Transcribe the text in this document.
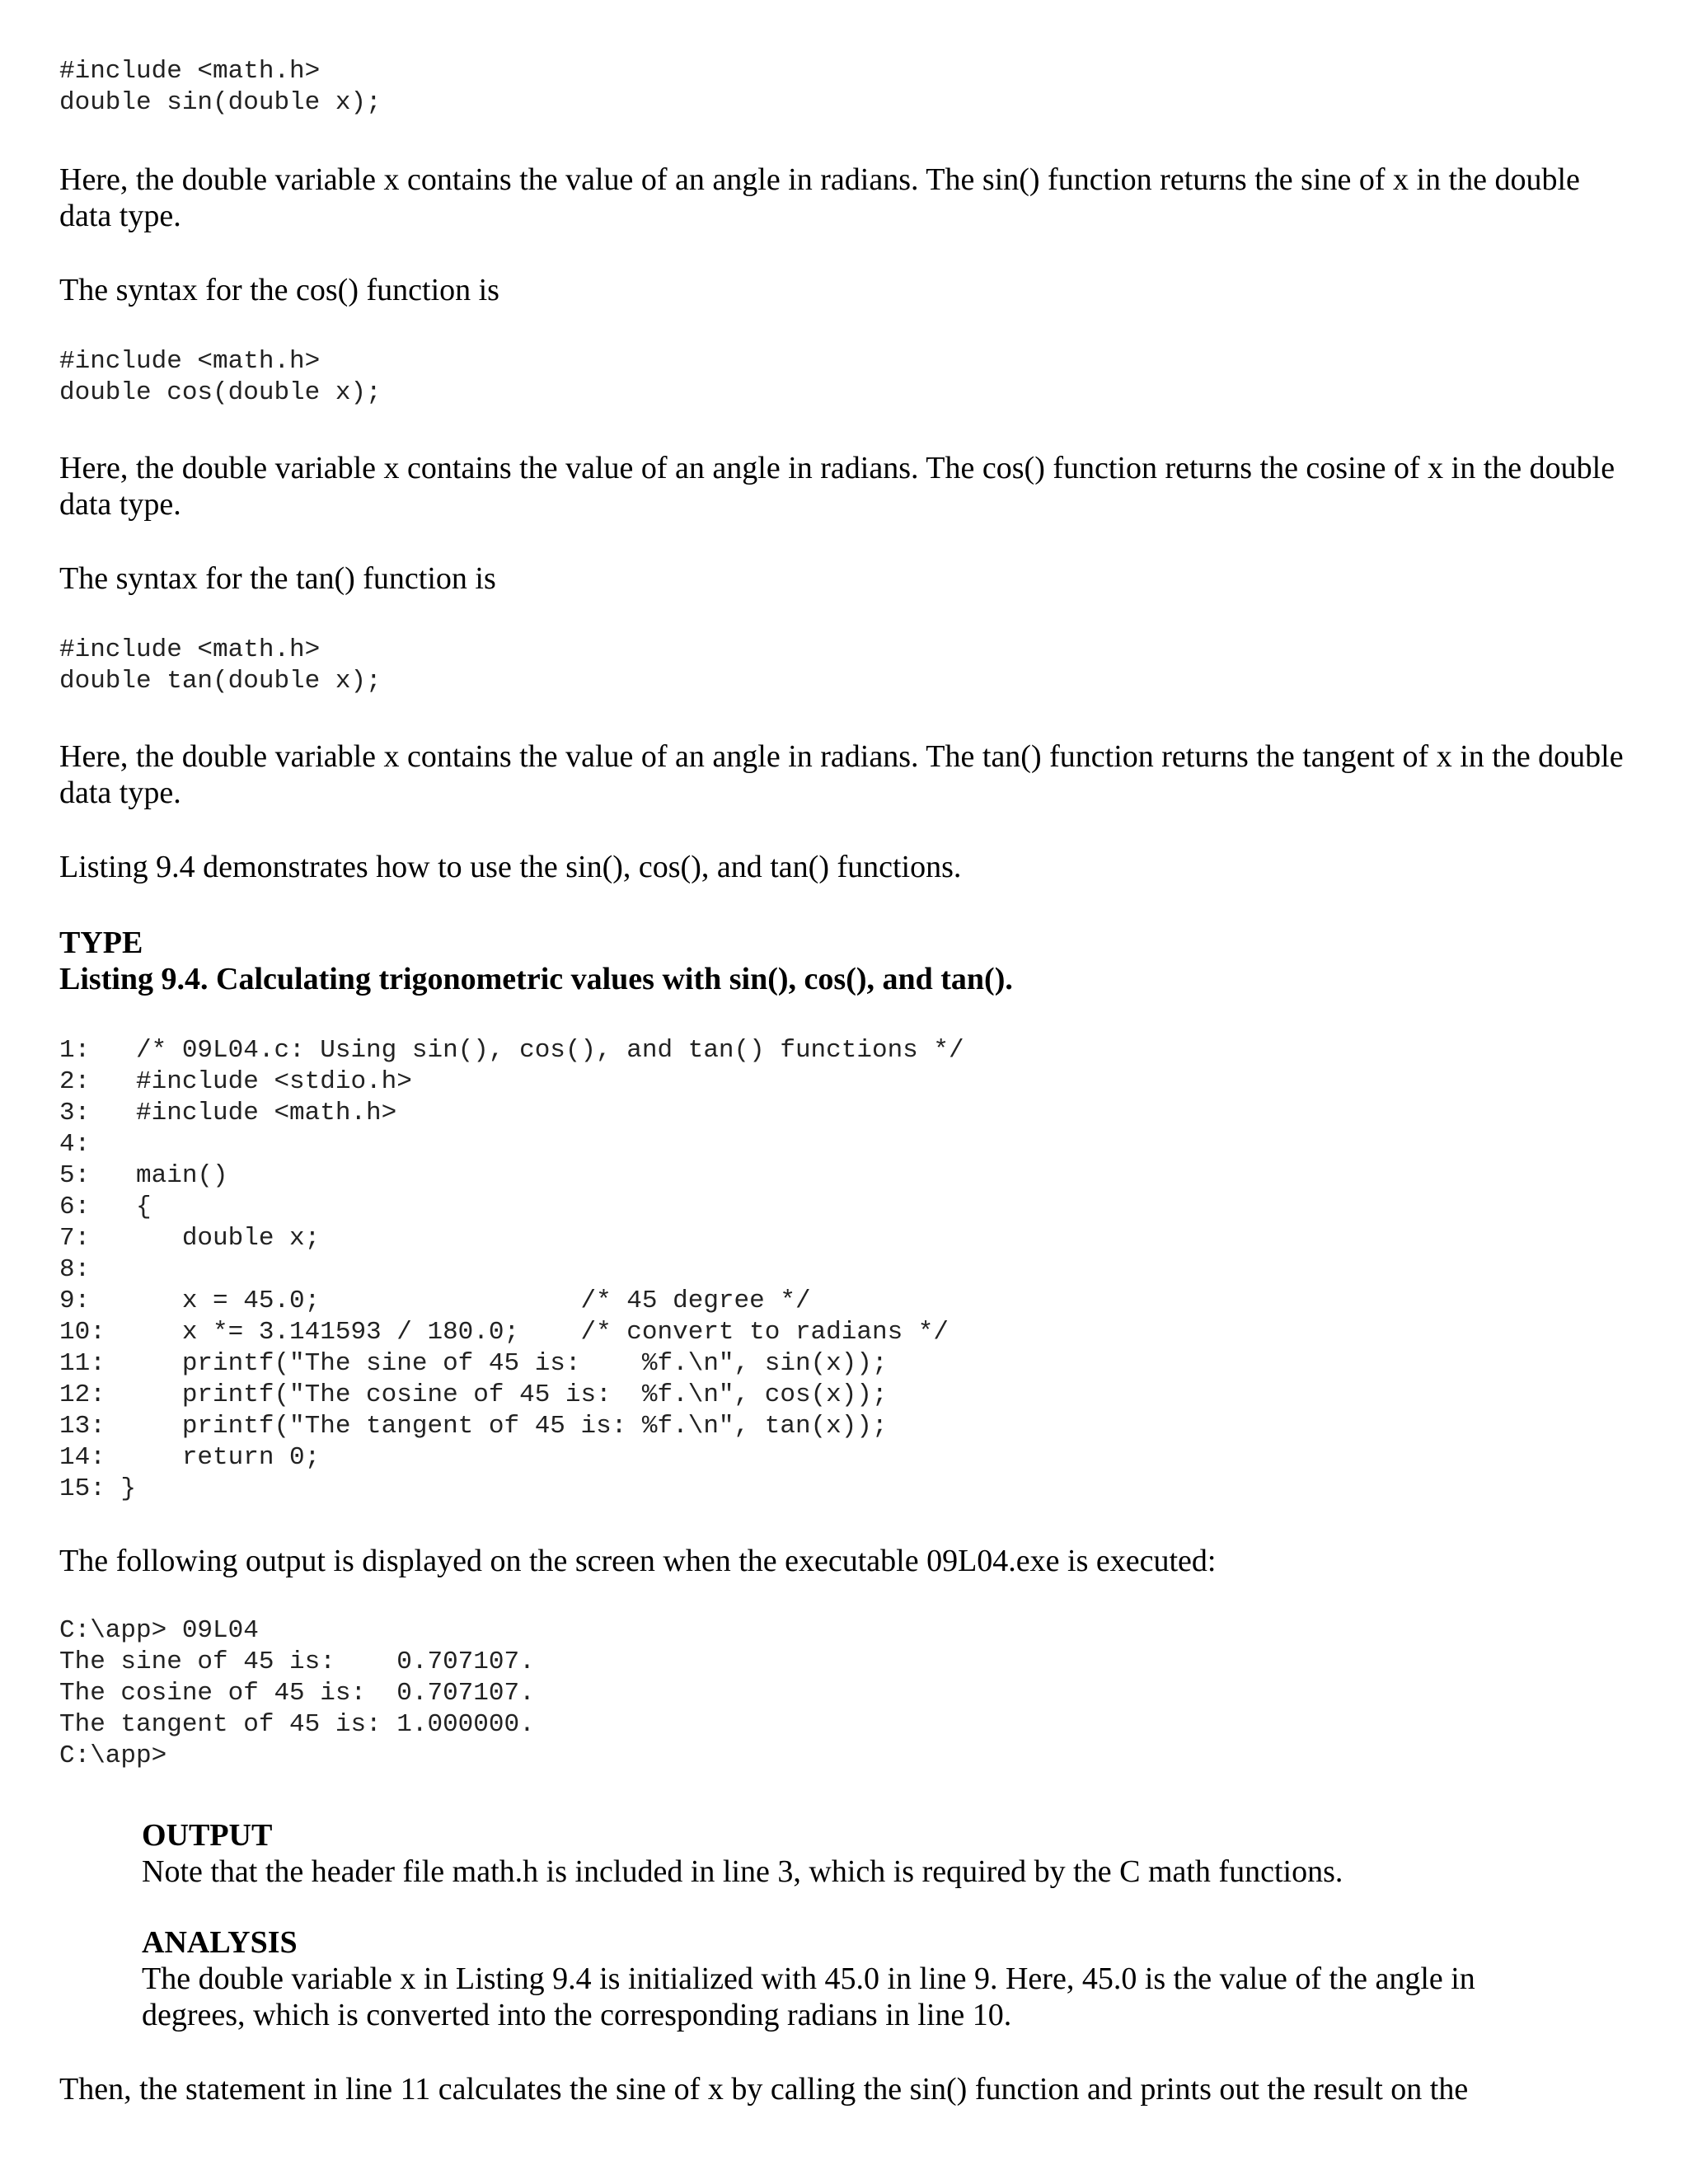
#include <math.h>
double sin(double x);

Here, the double variable x contains the value of an angle in radians. The sin() function returns the sine of x in the double data type.

The syntax for the cos() function is

#include <math.h>
double cos(double x);

Here, the double variable x contains the value of an angle in radians. The cos() function returns the cosine of x in the double data type.

The syntax for the tan() function is

#include <math.h>
double tan(double x);

Here, the double variable x contains the value of an angle in radians. The tan() function returns the tangent of x in the double data type.

Listing 9.4 demonstrates how to use the sin(), cos(), and tan() functions.

TYPE

Listing 9.4. Calculating trigonometric values with sin(), cos(), and tan().

1:   /* 09L04.c: Using sin(), cos(), and tan() functions */
2:   #include <stdio.h>
3:   #include <math.h>
4:
5:   main()
6:   {
7:      double x;
8:
9:      x = 45.0;                 /* 45 degree */
10:     x *= 3.141593 / 180.0;    /* convert to radians */
11:     printf("The sine of 45 is:    %f.\n", sin(x));
12:     printf("The cosine of 45 is:  %f.\n", cos(x));
13:     printf("The tangent of 45 is: %f.\n", tan(x));
14:     return 0;
15: }

The following output is displayed on the screen when the executable 09L04.exe is executed:

C:\app> 09L04
The sine of 45 is:    0.707107.
The cosine of 45 is:  0.707107.
The tangent of 45 is: 1.000000.
C:\app>

OUTPUT

Note that the header file math.h is included in line 3, which is required by the C math functions.

ANALYSIS

The double variable x in Listing 9.4 is initialized with 45.0 in line 9. Here, 45.0 is the value of the angle in degrees, which is converted into the corresponding radians in line 10.

Then, the statement in line 11 calculates the sine of x by calling the sin() function and prints out the result on the
